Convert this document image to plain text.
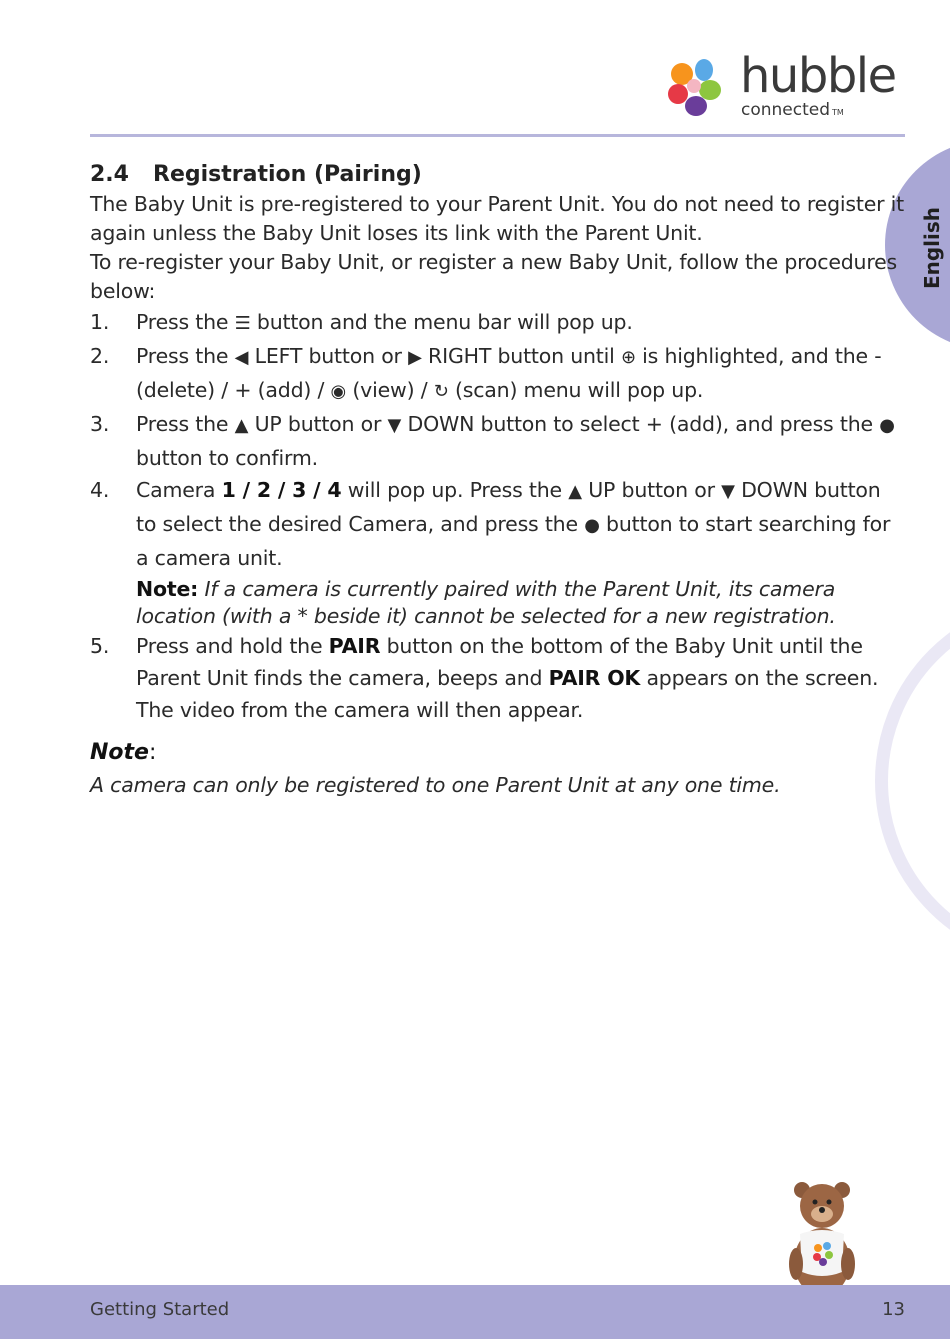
hubble
connected TM
English
2.4 Registration (Pairing)

The Baby Unit is pre-registered to your Parent Unit. You do not need to register it again unless the Baby Unit loses its link with the Parent Unit.

To re-register your Baby Unit, or register a new Baby Unit, follow the procedures below:

1. Press the ☰ button and the menu bar will pop up.
2. Press the ◀ LEFT button or ▶ RIGHT button until ⊕ is highlighted, and the - (delete) / + (add) / ◉ (view) / ↻ (scan) menu will pop up.
3. Press the ▲ UP button or ▼ DOWN button to select + (add), and press the ● button to confirm.
4. Camera 1 / 2 / 3 / 4 will pop up. Press the ▲ UP button or ▼ DOWN button to select the desired Camera, and press the ● button to start searching for a camera unit.
Note: If a camera is currently paired with the Parent Unit, its camera location (with a * beside it) cannot be selected for a new registration.
5. Press and hold the PAIR button on the bottom of the Baby Unit until the Parent Unit finds the camera, beeps and PAIR OK appears on the screen. The video from the camera will then appear.
Note:
A camera can only be registered to one Parent Unit at any one time.
Getting Started	13
